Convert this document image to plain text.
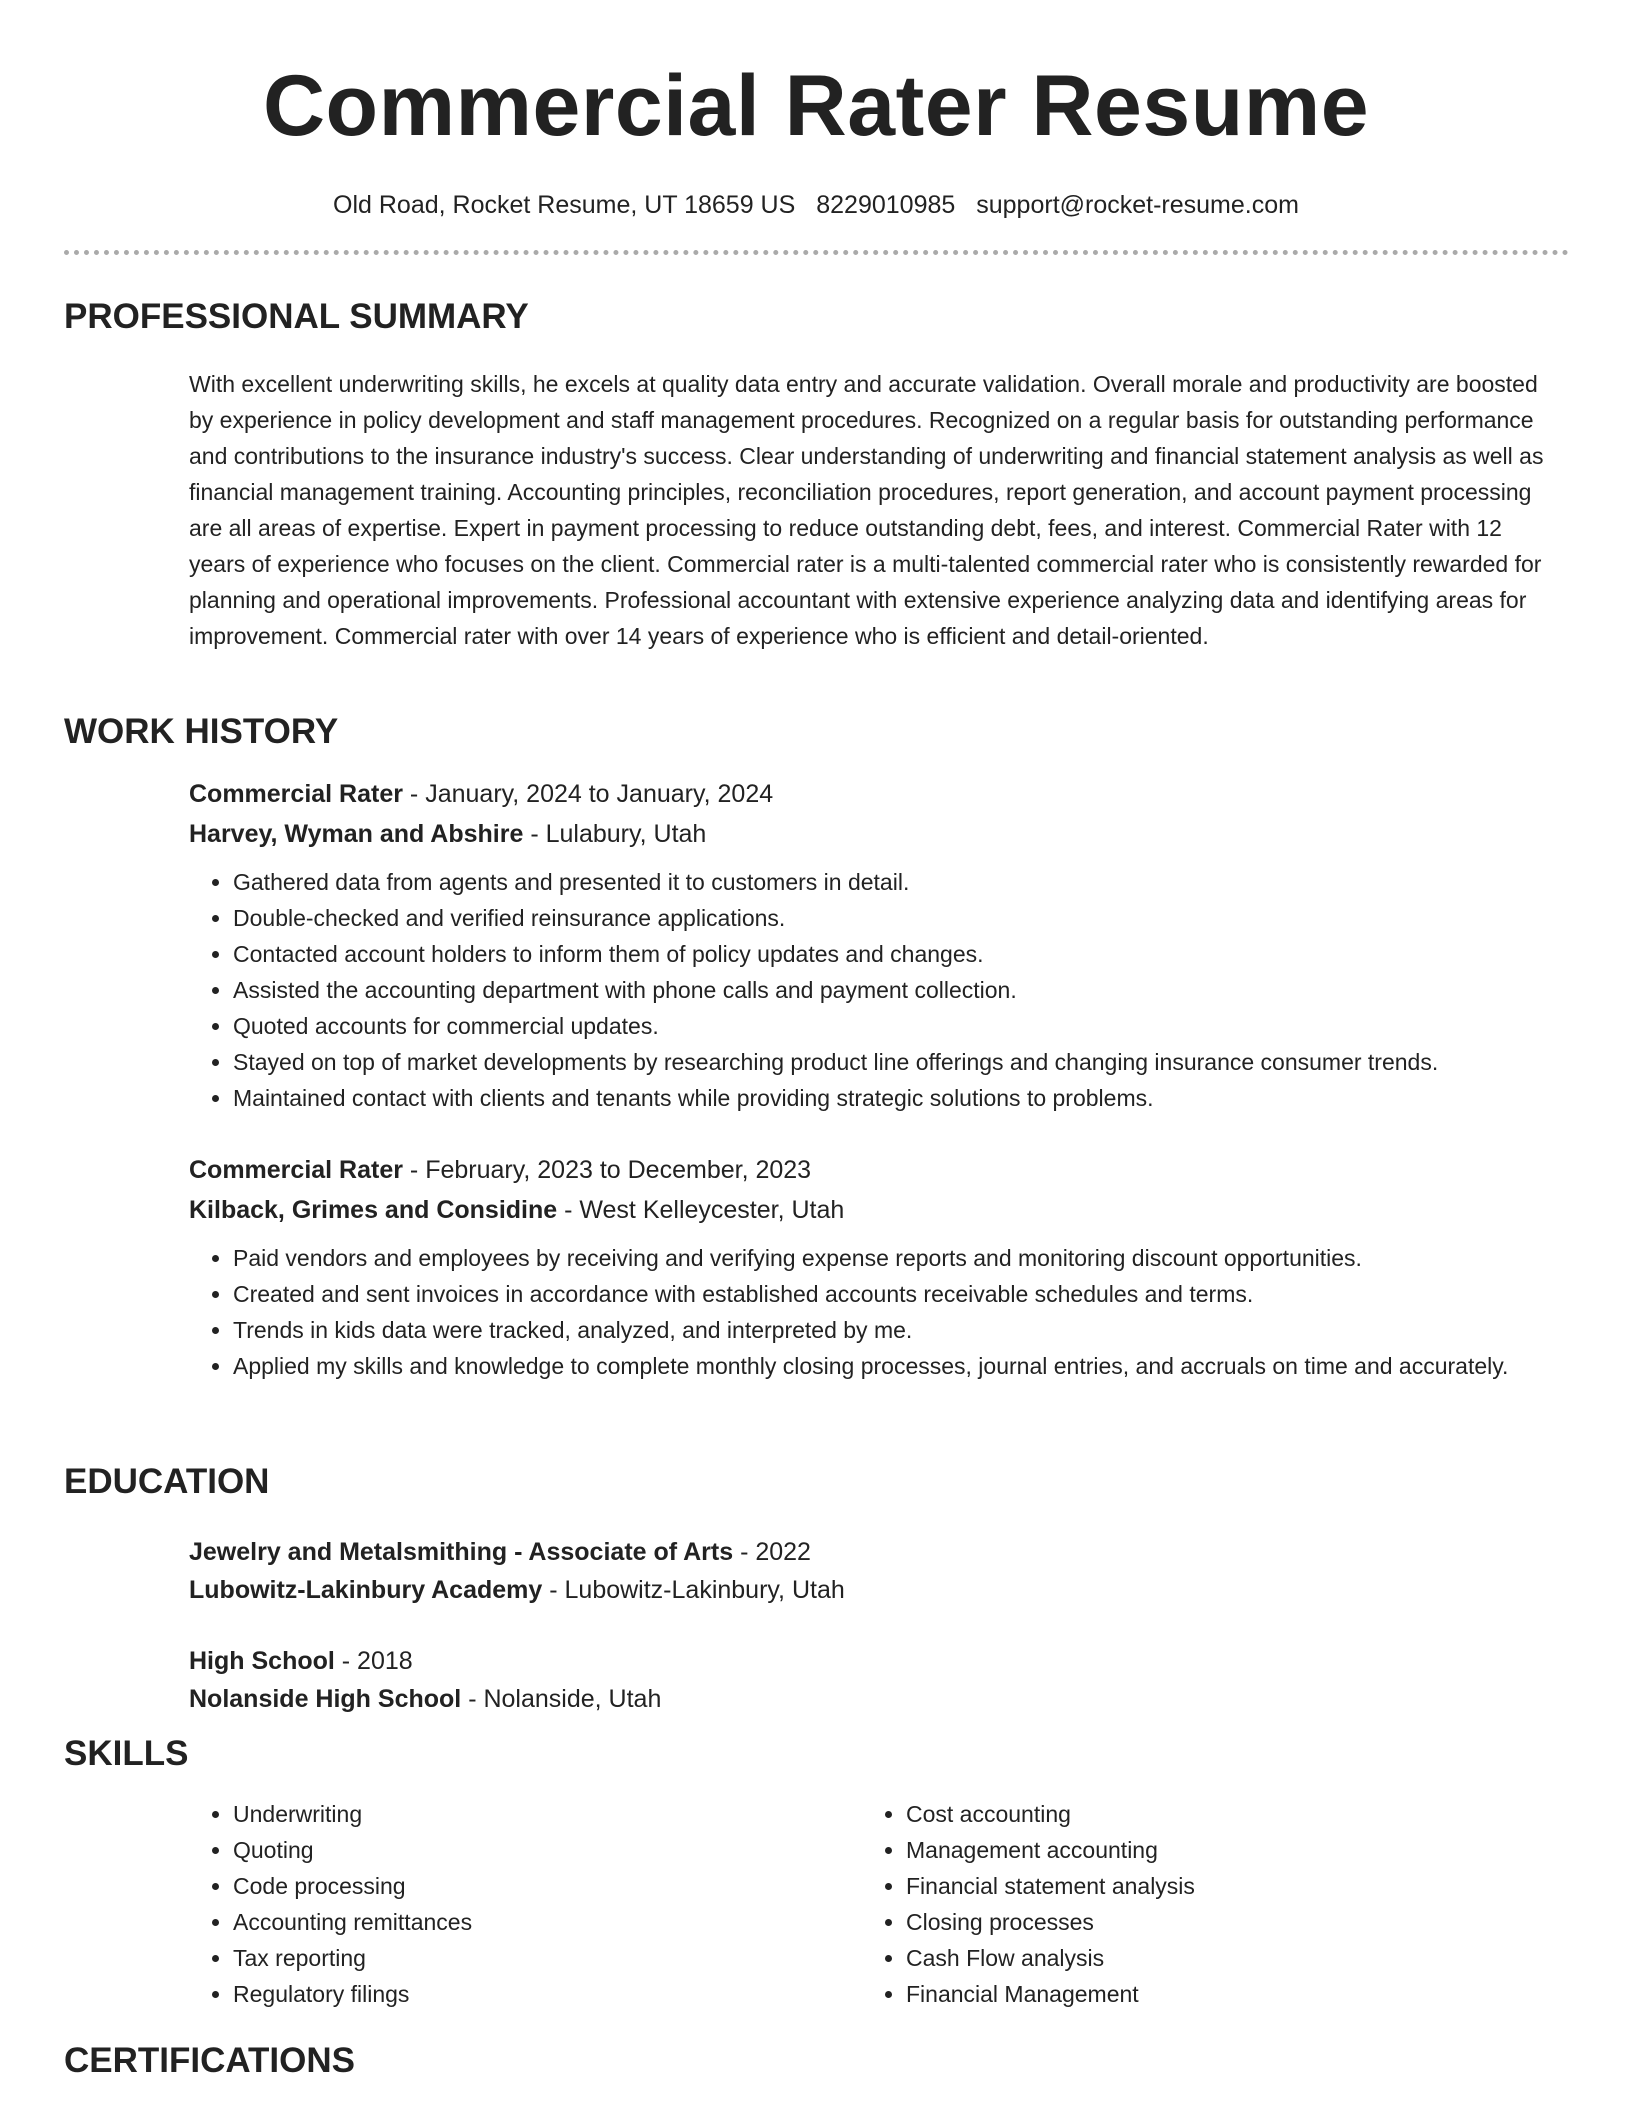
Commercial Rater Resume
Old Road, Rocket Resume, UT 18659 US 8229010985 support@rocket-resume.com
PROFESSIONAL SUMMARY

With excellent underwriting skills, he excels at quality data entry and accurate validation. Overall morale and productivity are boosted by experience in policy development and staff management procedures. Recognized on a regular basis for outstanding performance and contributions to the insurance industry's success. Clear understanding of underwriting and financial statement analysis as well as financial management training. Accounting principles, reconciliation procedures, report generation, and account payment processing are all areas of expertise. Expert in payment processing to reduce outstanding debt, fees, and interest. Commercial Rater with 12 years of experience who focuses on the client. Commercial rater is a multi-talented commercial rater who is consistently rewarded for planning and operational improvements. Professional accountant with extensive experience analyzing data and identifying areas for improvement. Commercial rater with over 14 years of experience who is efficient and detail-oriented.

WORK HISTORY
Commercial Rater - January, 2024 to January, 2024
Harvey, Wyman and Abshire - Lulabury, Utah
• Gathered data from agents and presented it to customers in detail.
• Double-checked and verified reinsurance applications.
• Contacted account holders to inform them of policy updates and changes.
• Assisted the accounting department with phone calls and payment collection.
• Quoted accounts for commercial updates.
• Stayed on top of market developments by researching product line offerings and changing insurance consumer trends.
• Maintained contact with clients and tenants while providing strategic solutions to problems.
Commercial Rater - February, 2023 to December, 2023
Kilback, Grimes and Considine - West Kelleycester, Utah
• Paid vendors and employees by receiving and verifying expense reports and monitoring discount opportunities.
• Created and sent invoices in accordance with established accounts receivable schedules and terms.
• Trends in kids data were tracked, analyzed, and interpreted by me.
• Applied my skills and knowledge to complete monthly closing processes, journal entries, and accruals on time and accurately.
EDUCATION
Jewelry and Metalsmithing - Associate of Arts - 2022
Lubowitz-Lakinbury Academy - Lubowitz-Lakinbury, Utah
High School - 2018
Nolanside High School - Nolanside, Utah
SKILLS
• Underwriting
• Quoting
• Code processing
• Accounting remittances
• Tax reporting
• Regulatory filings
• Cost accounting
• Management accounting
• Financial statement analysis
• Closing processes
• Cash Flow analysis
• Financial Management
CERTIFICATIONS
